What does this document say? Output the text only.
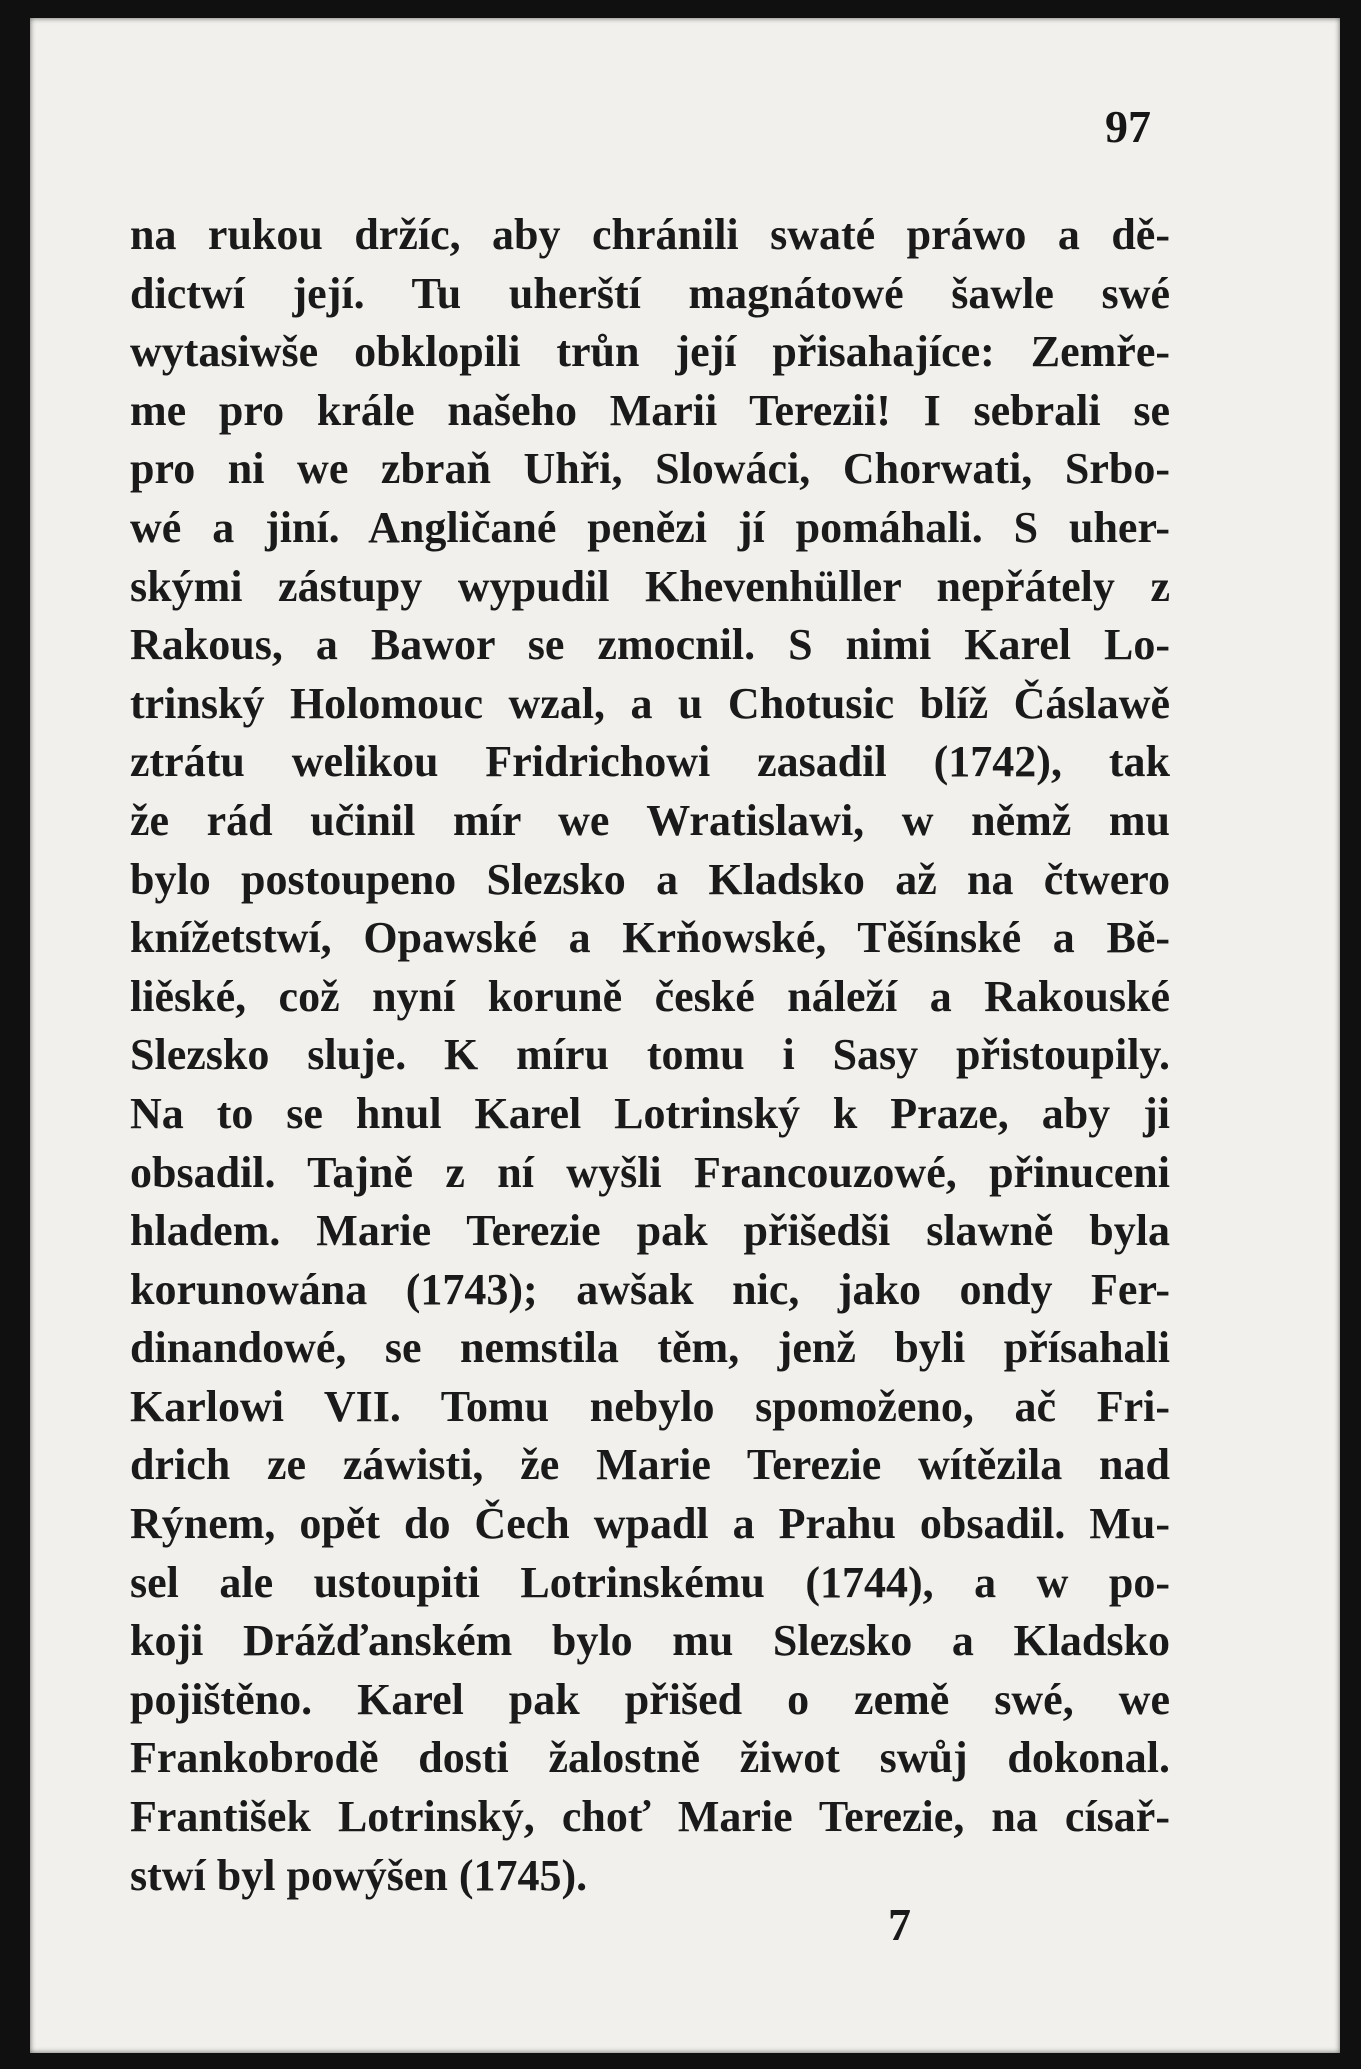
97
na rukou držíc, aby chránili swaté práwo a dě-
dictwí její. Tu uherští magnátowé šawle swé
wytasiwše obklopili trůn její přisahajíce: Zemře-
me pro krále našeho Marii Terezii! I sebrali se
pro ni we zbraň Uhři, Slowáci, Chorwati, Srbo-
wé a jiní. Angličané penězi jí pomáhali. S uher-
skými zástupy wypudil Khevenhüller nepřátely z
Rakous, a Bawor se zmocnil. S nimi Karel Lo-
trinský Holomouc wzal, a u Chotusic blíž Čáslawě
ztrátu welikou Fridrichowi zasadil (1742), tak
že rád učinil mír we Wratislawi, w němž mu
bylo postoupeno Slezsko a Kladsko až na čtwero
knížetstwí, Opawské a Krňowské, Těšínské a Bě-
liěské, což nyní koruně české náleží a Rakouské
Slezsko sluje. K míru tomu i Sasy přistoupily.
Na to se hnul Karel Lotrinský k Praze, aby ji
obsadil. Tajně z ní wyšli Francouzowé, přinuceni
hladem. Marie Terezie pak přišedši slawně byla
korunowána (1743); awšak nic, jako ondy Fer-
dinandowé, se nemstila těm, jenž byli přísahali
Karlowi VII. Tomu nebylo spomoženo, ač Fri-
drich ze záwisti, že Marie Terezie wítězila nad
Rýnem, opět do Čech wpadl a Prahu obsadil. Mu-
sel ale ustoupiti Lotrinskému (1744), a w po-
koji Drážďanském bylo mu Slezsko a Kladsko
pojištěno. Karel pak přišed o země swé, we
Frankobrodě dosti žalostně žiwot swůj dokonal.
František Lotrinský, choť Marie Terezie, na císař-
stwí byl powýšen (1745).
7
